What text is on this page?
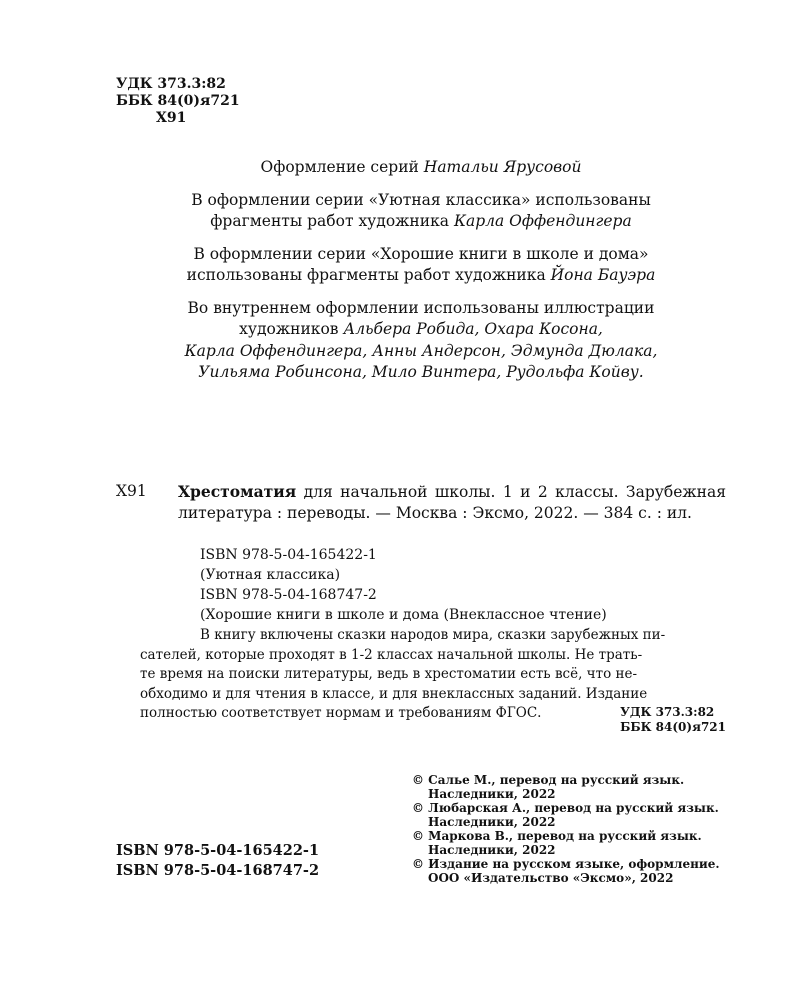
УДК 373.3:82
ББК 84(0)я721
Х91

Оформление серий Натальи Ярусовой

В оформлении серии «Уютная классика» использованы
фрагменты работ художника Карла Оффендингера

В оформлении серии «Хорошие книги в школе и дома»
использованы фрагменты работ художника Йона Бауэра

Во внутреннем оформлении использованы иллюстрации
художников Альбера Робида, Охара Косона,
Карла Оффендингера, Анны Андерсон, Эдмунда Дюлака,
Уильяма Робинсона, Мило Винтера, Рудольфа Койву.

Х91 Хрестоматия для начальной школы. 1 и 2 классы. Зарубежная литература : переводы. — Москва : Эксмо, 2022. — 384 с. : ил.
ISBN 978-5-04-165422-1
(Уютная классика)
ISBN 978-5-04-168747-2
(Хорошие книги в школе и дома (Внеклассное чтение)
В книгу включены сказки народов мира, сказки зарубежных пи-
сателей, которые проходят в 1-2 классах начальной школы. Не трать-
те время на поиски литературы, ведь в хрестоматии есть всё, что не-
обходимо и для чтения в классе, и для внеклассных заданий. Издание
полностью соответствует нормам и требованиям ФГОС.	УДК 373.3:82
ББК 84(0)я721
© Салье М., перевод на русский язык.
Наследники, 2022
© Любарская А., перевод на русский язык.
Наследники, 2022
© Маркова В., перевод на русский язык.
Наследники, 2022
© Издание на русском языке, оформление.
ООО «Издательство «Эксмо», 2022
ISBN 978-5-04-165422-1
ISBN 978-5-04-168747-2
